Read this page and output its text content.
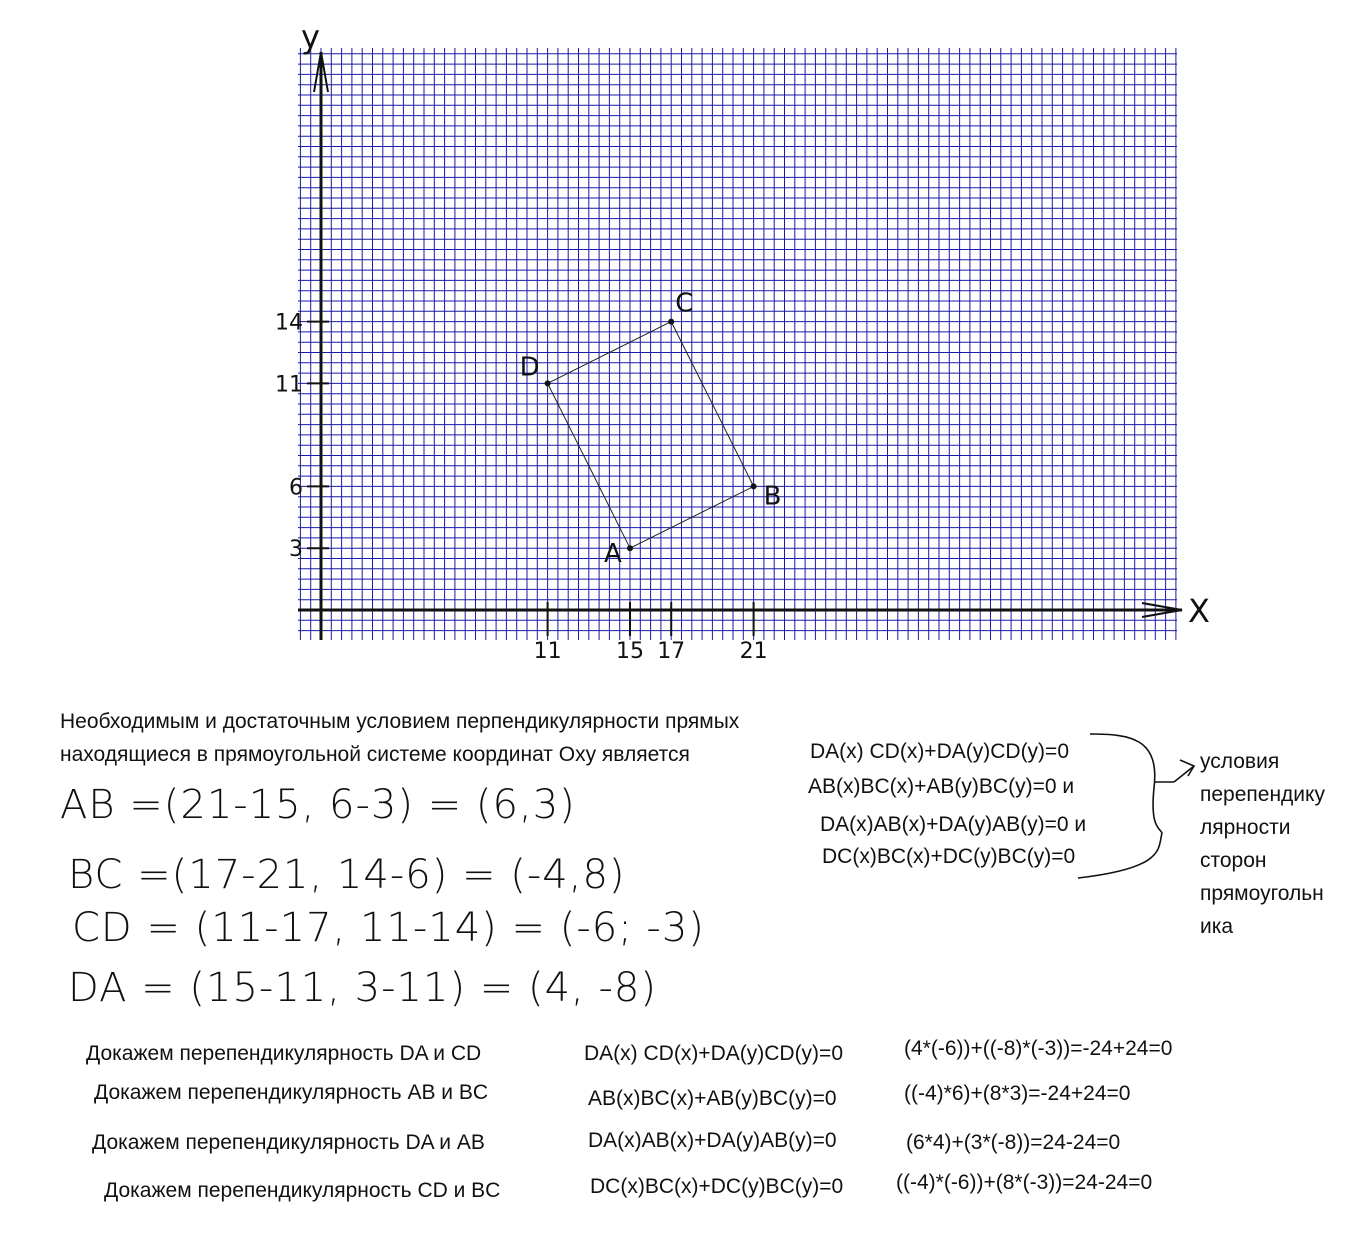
11 15 17 21
3
6
11
14
A
B
C
D
y
X
Необходимым и достаточным условием перпендикулярности прямых
находящиеся в прямоугольной системе координат Oxy является
AB =(21-15, 6-3) = (6,3)
BC =(17-21, 14-6) = (-4,8)
CD = (11-17, 11-14) = (-6; -3)
DA = (15-11, 3-11) = (4, -8)
DA(x) CD(x)+DA(y)CD(y)=0
AB(x)BC(x)+AB(y)BC(y)=0 и
DA(x)AB(x)+DA(y)AB(y)=0 и
DC(x)BC(x)+DC(y)BC(y)=0
условия
перепендику
лярности
сторон
прямоугольн
ика
Докажем перепендикулярность DA и CD	DA(x) CD(x)+DA(y)CD(y)=0	(4*(-6))+((-8)*(-3))=-24+24=0
Докажем перепендикулярность AB и BC	AB(x)BC(x)+AB(y)BC(y)=0	((-4)*6)+(8*3)=-24+24=0
Докажем перепендикулярность DA и AB	DA(x)AB(x)+DA(y)AB(y)=0	(6*4)+(3*(-8))=24-24=0
Докажем перепендикулярность CD и BC	DC(x)BC(x)+DC(y)BC(y)=0	((-4)*(-6))+(8*(-3))=24-24=0
